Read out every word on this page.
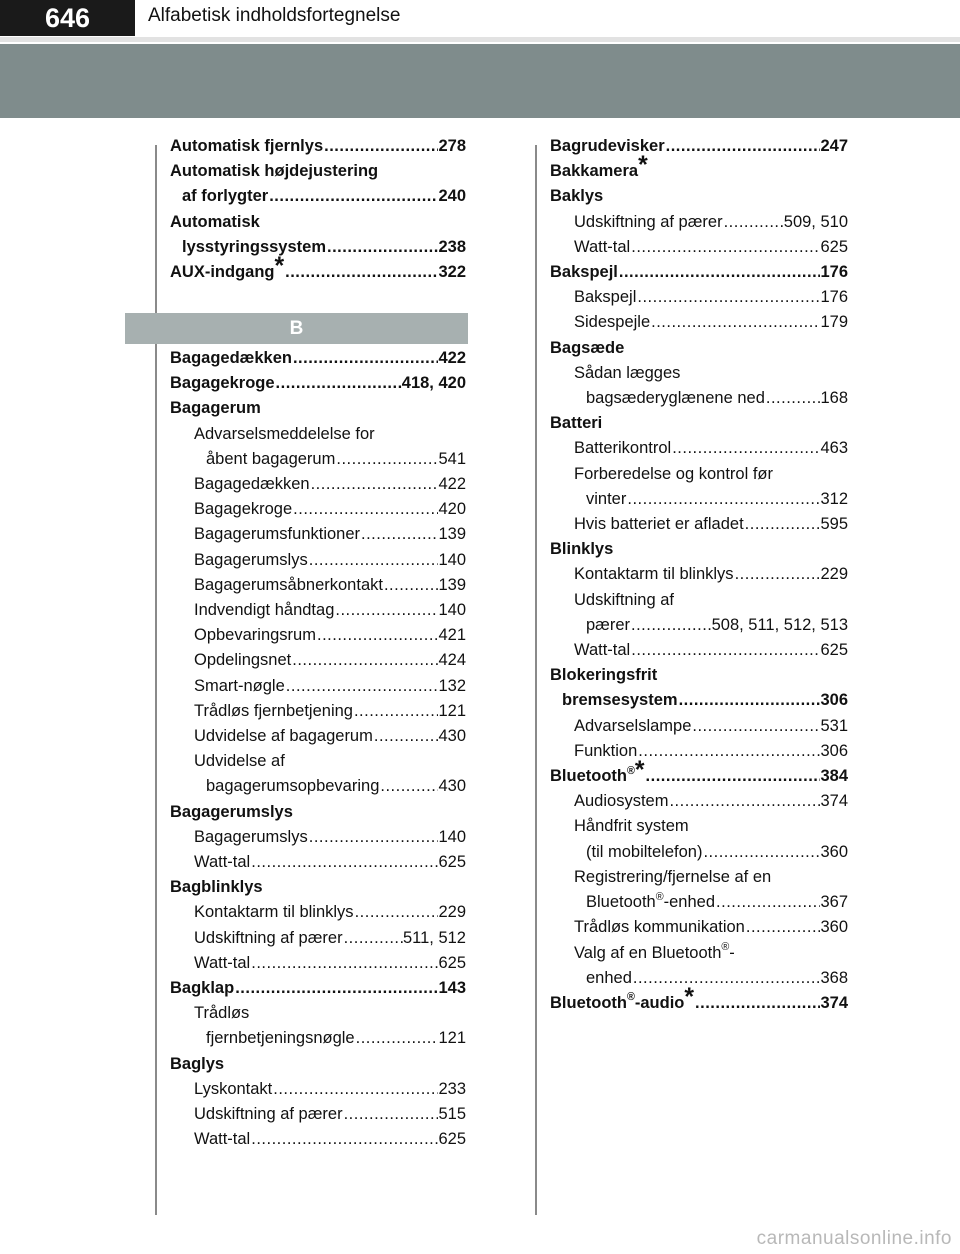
646	Alfabetisk indholdsfortegnelse
Automatisk fjernlys .....	278
Automatisk højdejustering
af forlygter .....	240
Automatisk
lysstyringssystem .....	238
AUX-indgang* .....	322
B
Bagagedækken .....	422
Bagagekroge .....	418, 420
Bagagerum
Advarselsmeddelelse for
åbent bagagerum .....	541
Bagagedækken .....	422
Bagagekroge .....	420
Bagagerumsfunktioner .....	139
Bagagerumslys .....	140
Bagagerumsåbnerkontakt .....	139
Indvendigt håndtag .....	140
Opbevaringsrum .....	421
Opdelingsnet .....	424
Smart-nøgle .....	132
Trådløs fjernbetjening .....	121
Udvidelse af bagagerum .....	430
Udvidelse af
bagagerumsopbevaring .....	430
Bagagerumslys
Bagagerumslys .....	140
Watt-tal .....	625
Bagblinklys
Kontaktarm til blinklys .....	229
Udskiftning af pærer .....	511, 512
Watt-tal .....	625
Bagklap .....	143
Trådløs
fjernbetjeningsnøgle .....	121
Baglys
Lyskontakt .....	233
Udskiftning af pærer .....	515
Watt-tal .....	625
Bagrudevisker .....	247
Bakkamera*
Baklys
Udskiftning af pærer .....	509, 510
Watt-tal .....	625
Bakspejl .....	176
Bakspejl .....	176
Sidespejle .....	179
Bagsæde
Sådan lægges
bagsæderyglænene ned .....	168
Batteri
Batterikontrol .....	463
Forberedelse og kontrol før
vinter .....	312
Hvis batteriet er afladet .....	595
Blinklys
Kontaktarm til blinklys .....	229
Udskiftning af
pærer .....	508, 511, 512, 513
Watt-tal .....	625
Blokeringsfrit
bremsesystem .....	306
Advarselslampe .....	531
Funktion .....	306
Bluetooth®* .....	384
Audiosystem .....	374
Håndfrit system
(til mobiltelefon) .....	360
Registrering/fjernelse af en
Bluetooth®-enhed .....	367
Trådløs kommunikation .....	360
Valg af en Bluetooth®-
enhed .....	368
Bluetooth®-audio* .....	374
carmanualsonline.info
